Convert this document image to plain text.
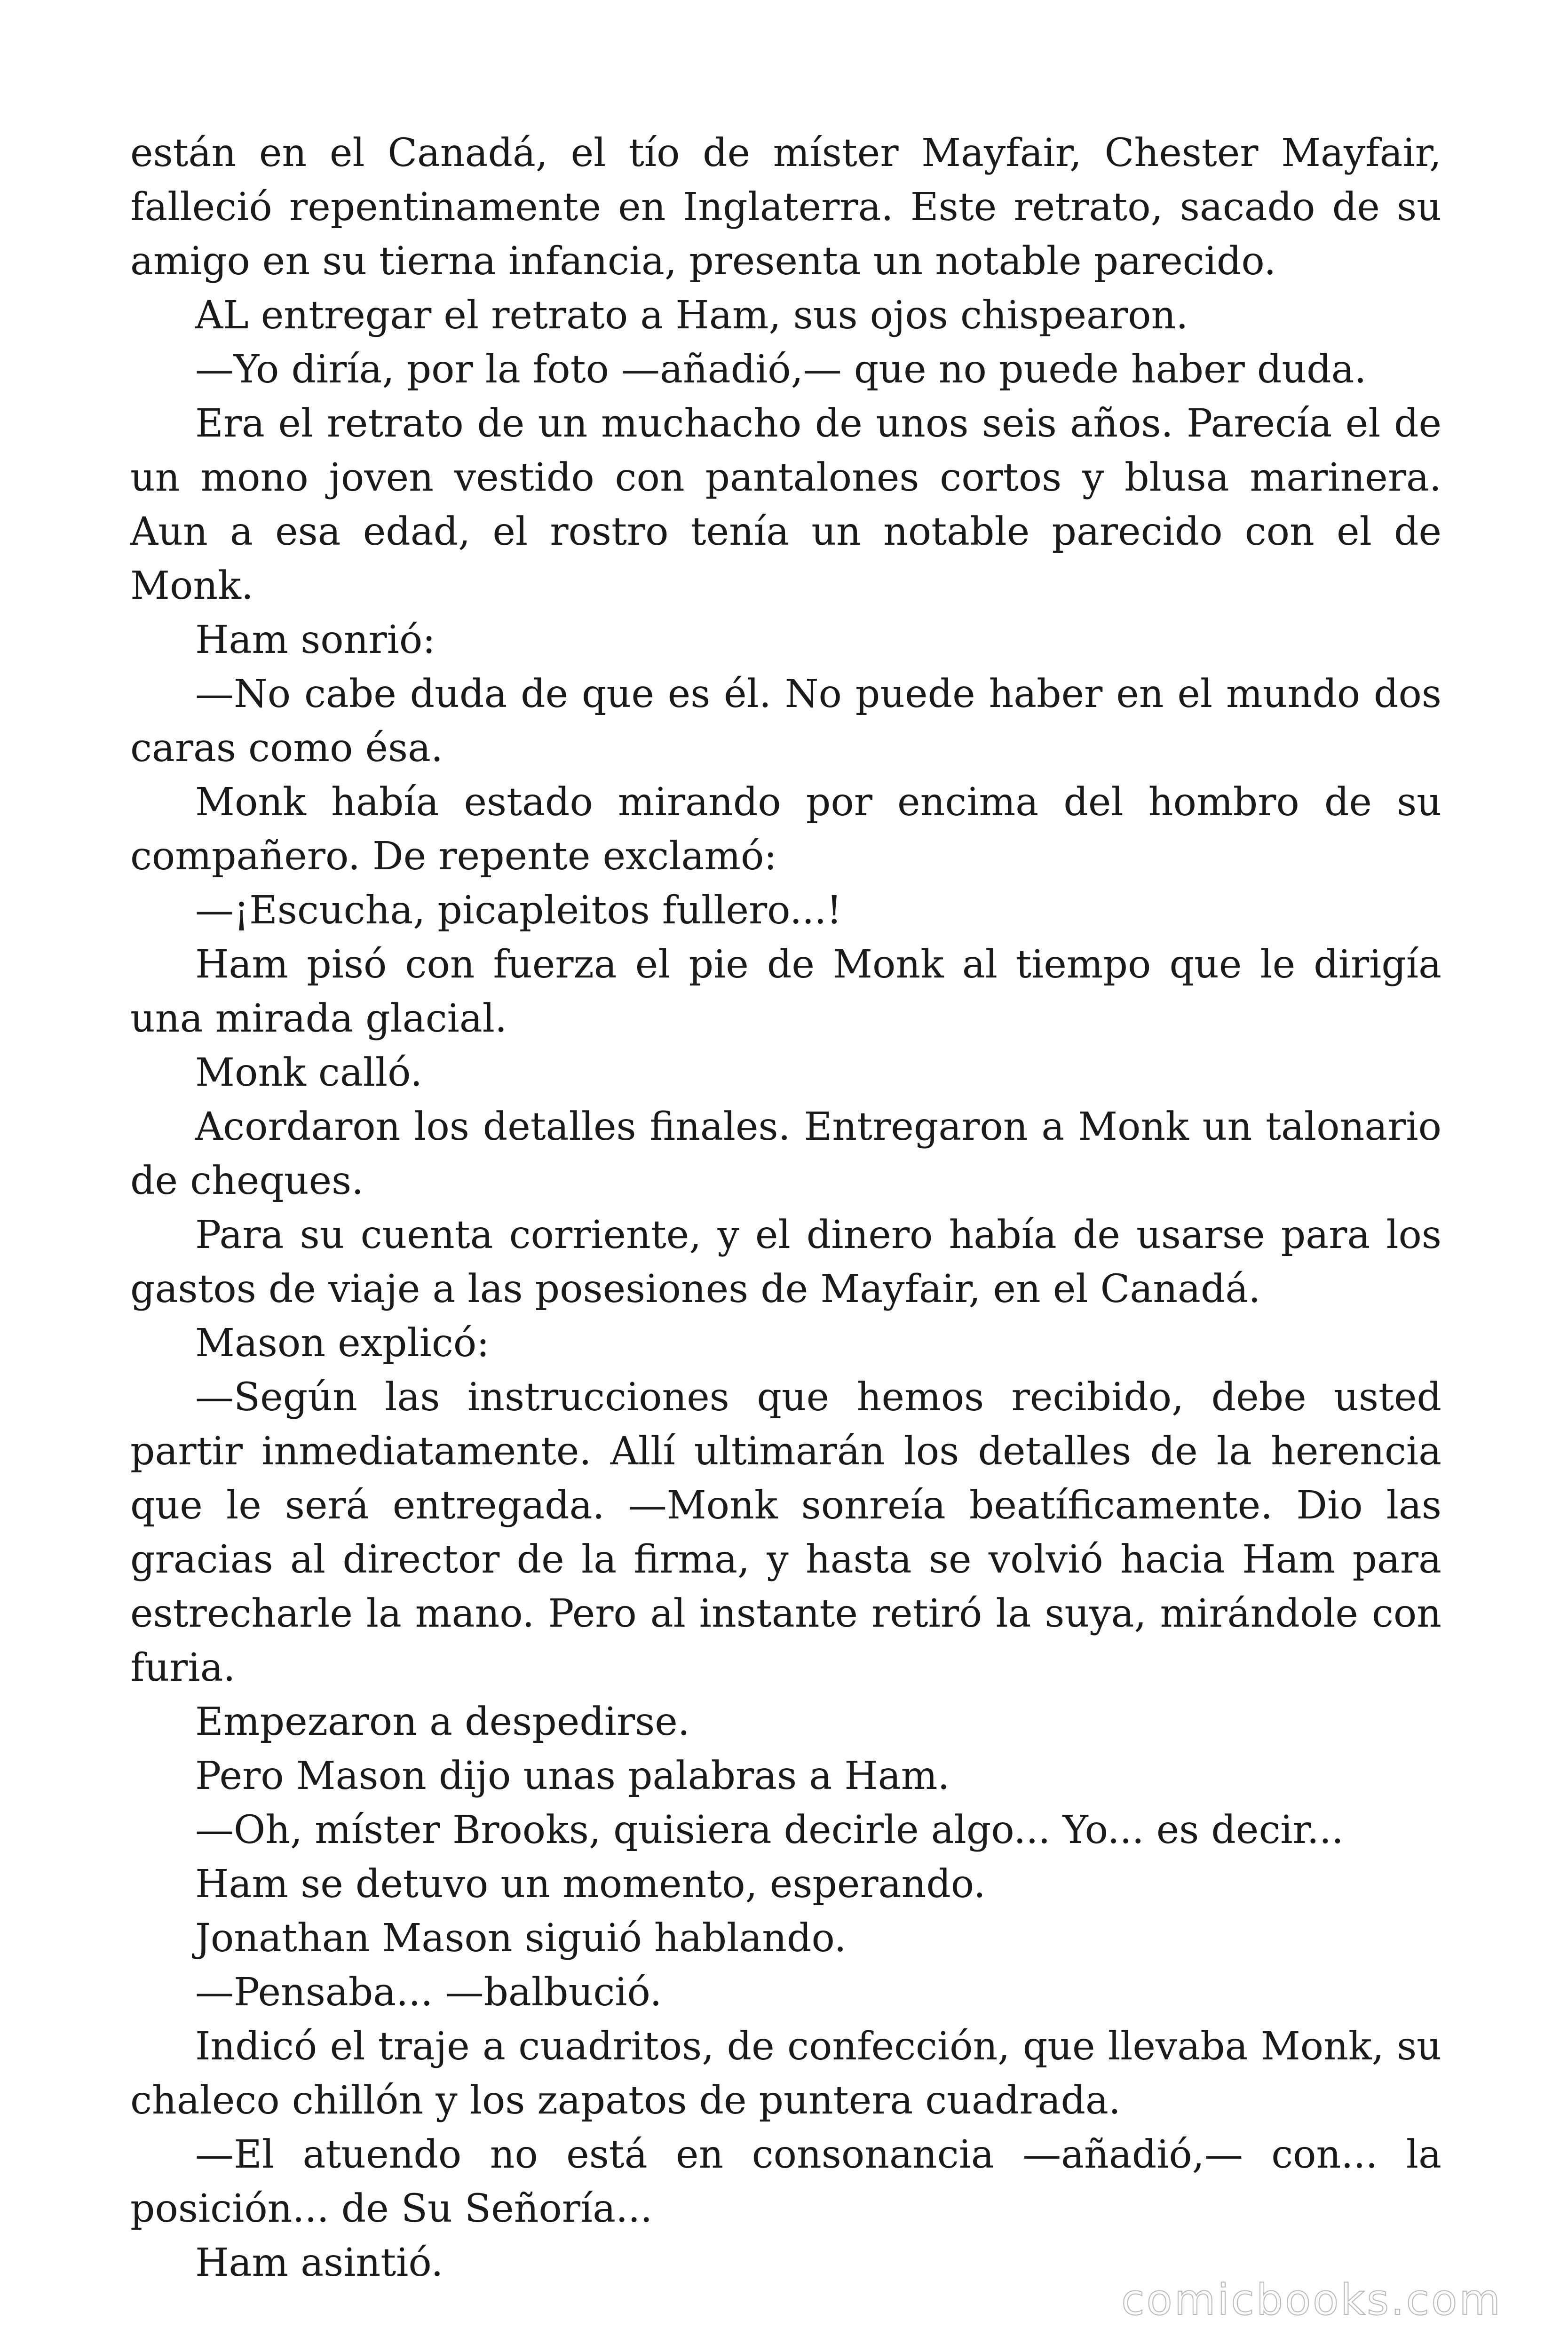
están en el Canadá, el tío de míster Mayfair, Chester Mayfair, falleció repentinamente en Inglaterra. Este retrato, sacado de su amigo en su tierna infancia, presenta un notable parecido.

AL entregar el retrato a Ham, sus ojos chispearon.

—Yo diría, por la foto —añadió,— que no puede haber duda.

Era el retrato de un muchacho de unos seis años. Parecía el de un mono joven vestido con pantalones cortos y blusa marinera. Aun a esa edad, el rostro tenía un notable parecido con el de Monk.

Ham sonrió:

—No cabe duda de que es él. No puede haber en el mundo dos caras como ésa.

Monk había estado mirando por encima del hombro de su compañero. De repente exclamó:

—¡Escucha, picapleitos fullero...!

Ham pisó con fuerza el pie de Monk al tiempo que le dirigía una mirada glacial.

Monk calló.

Acordaron los detalles finales. Entregaron a Monk un talonario de cheques.

Para su cuenta corriente, y el dinero había de usarse para los gastos de viaje a las posesiones de Mayfair, en el Canadá.

Mason explicó:

—Según las instrucciones que hemos recibido, debe usted partir inmediatamente. Allí ultimarán los detalles de la herencia que le será entregada. —Monk sonreía beatíficamente. Dio las gracias al director de la firma, y hasta se volvió hacia Ham para estrecharle la mano. Pero al instante retiró la suya, mirándole con furia.

Empezaron a despedirse.

Pero Mason dijo unas palabras a Ham.

—Oh, míster Brooks, quisiera decirle algo... Yo... es decir...

Ham se detuvo un momento, esperando.

Jonathan Mason siguió hablando.

—Pensaba... —balbució.

Indicó el traje a cuadritos, de confección, que llevaba Monk, su chaleco chillón y los zapatos de puntera cuadrada.

—El atuendo no está en consonancia —añadió,— con... la posición... de Su Señoría...

Ham asintió.

comicbooks.com
